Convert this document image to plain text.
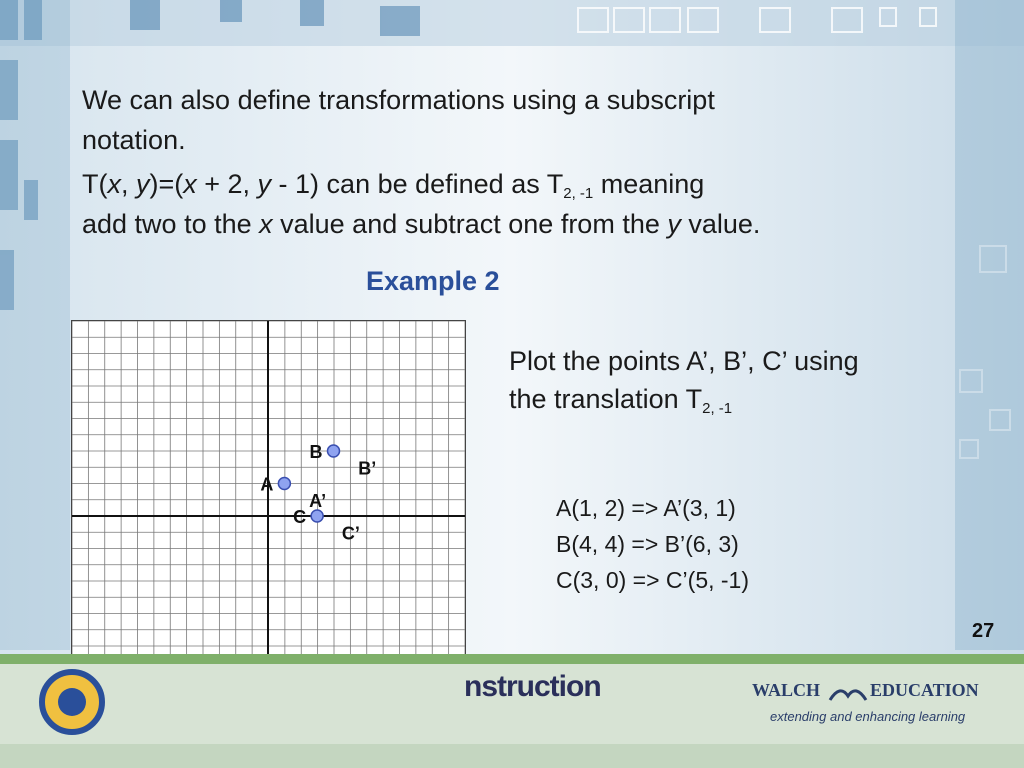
We can also define transformations using a subscript
notation.
T(x, y)=(x + 2, y - 1) can be defined as $T_{2, -1}$ meaning
add two to the x value and subtract one from the y value.
Example 2
A
B
C
A’
B’
C’
Plot the points A’, B’, C’ using
the translation $T_{2, -1}$
A(1, 2) => A’(3, 1)
B(4, 4) => B’(6, 3)
C(3, 0) => C’(5, -1)
27
nstruction	WALCH	EDUCATION
extending and enhancing learning
